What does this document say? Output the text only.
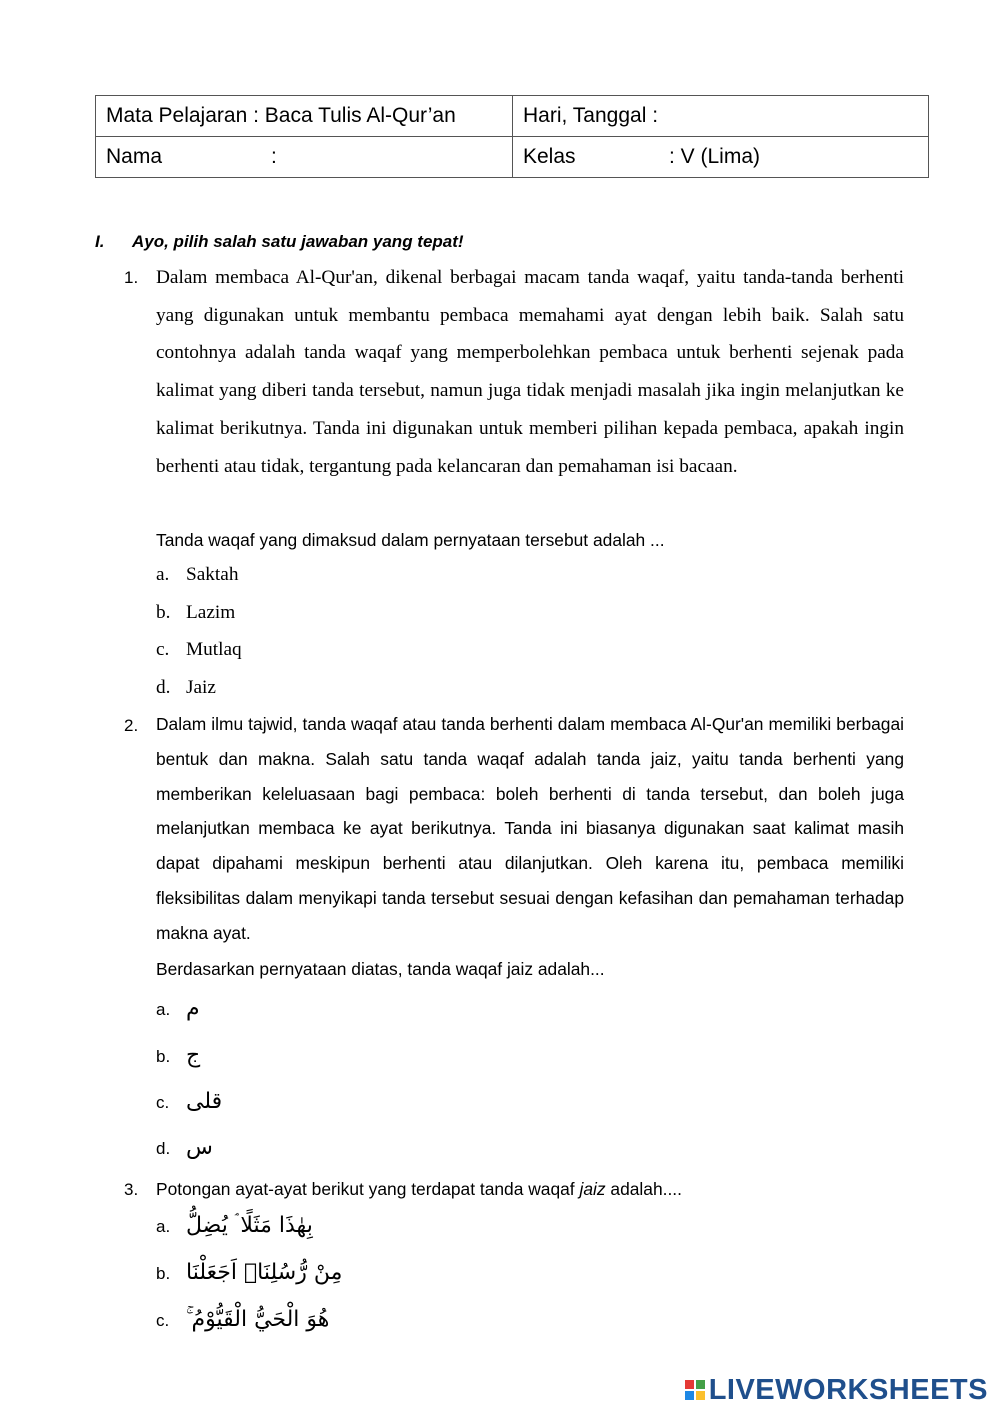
Mata Pelajaran : Baca Tulis Al-Qur’an	Hari, Tanggal :
Nama :	Kelas : V (Lima)
I. Ayo, pilih salah satu jawaban yang tepat!
1. Dalam membaca Al-Qur'an, dikenal berbagai macam tanda waqaf, yaitu tanda-tanda berhenti yang digunakan untuk membantu pembaca memahami ayat dengan lebih baik. Salah satu contohnya adalah tanda waqaf yang memperbolehkan pembaca untuk berhenti sejenak pada kalimat yang diberi tanda tersebut, namun juga tidak menjadi masalah jika ingin melanjutkan ke kalimat berikutnya. Tanda ini digunakan untuk memberi pilihan kepada pembaca, apakah ingin berhenti atau tidak, tergantung pada kelancaran dan pemahaman isi bacaan.

Tanda waqaf yang dimaksud dalam pernyataan tersebut adalah ...
a. Saktah
b. Lazim
c. Mutlaq
d. Jaiz
2. Dalam ilmu tajwid, tanda waqaf atau tanda berhenti dalam membaca Al-Qur'an memiliki berbagai bentuk dan makna. Salah satu tanda waqaf adalah tanda jaiz, yaitu tanda berhenti yang memberikan keleluasaan bagi pembaca: boleh berhenti di tanda tersebut, dan boleh juga melanjutkan membaca ke ayat berikutnya. Tanda ini biasanya digunakan saat kalimat masih dapat dipahami meskipun berhenti atau dilanjutkan. Oleh karena itu, pembaca memiliki fleksibilitas dalam menyikapi tanda tersebut sesuai dengan kefasihan dan pemahaman terhadap makna ayat.

Berdasarkan pernyataan diatas, tanda waqaf jaiz adalah...
a. م
b. ج
c. قلى
d. س
3. Potongan ayat-ayat berikut yang terdapat tanda waqaf jaiz adalah....
a. بِهٰذَا مَثَلًا ۘ يُضِلُّ
b. مِنْ رُّسُلِنَاۤ اَجَعَلْنَا
c. هُوَ الْحَيُّ الْقَيُّوْمُ ۚ
LIVEWORKSHEETS
